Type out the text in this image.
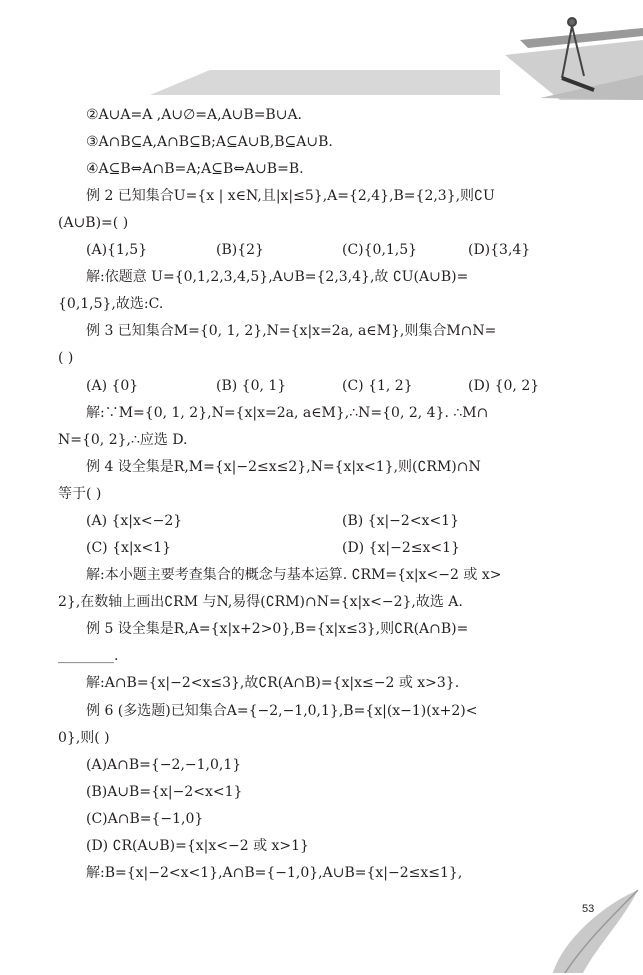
②A∪A=A ,A∪∅=A,A∪B=B∪A.
③A∩B⊆A,A∩B⊆B;A⊆A∪B,B⊆A∪B.
④A⊆B⇔A∩B=A;A⊆B⇔A∪B=B.
例 2 已知集合U={x | x∈N,且|x|≤5},A={2,4},B={2,3},则∁U
(A∪B)=( )
(A){1,5}	(B){2}	(C){0,1,5}	(D){3,4}
解:依题意 U={0,1,2,3,4,5},A∪B={2,3,4},故 ∁U(A∪B)=
{0,1,5},故选:C.
例 3 已知集合M={0, 1, 2},N={x|x=2a, a∈M},则集合M∩N=
( )
(A) {0}	(B) {0, 1}	(C) {1, 2}	(D) {0, 2}
解:∵M={0, 1, 2},N={x|x=2a, a∈M},∴N={0, 2, 4}. ∴M∩
N={0, 2},∴应选 D.
例 4 设全集是R,M={x|−2≤x≤2},N={x|x<1},则(∁RM)∩N
等于( )
(A) {x|x<−2}	(B) {x|−2<x<1}
(C) {x|x<1}	(D) {x|−2≤x<1}
解:本小题主要考查集合的概念与基本运算. ∁RM={x|x<−2 或 x>
2},在数轴上画出∁RM 与N,易得(∁RM)∩N={x|x<−2},故选 A.
例 5 设全集是R,A={x|x+2>0},B={x|x≤3},则∁R(A∩B)=
________.
解:A∩B={x|−2<x≤3},故∁R(A∩B)={x|x≤−2 或 x>3}.
例 6 (多选题)已知集合A={−2,−1,0,1},B={x|(x−1)(x+2)<
0},则( )
(A)A∩B={−2,−1,0,1}
(B)A∪B={x|−2<x<1}
(C)A∩B={−1,0}
(D) ∁R(A∪B)={x|x<−2 或 x>1}
解:B={x|−2<x<1},A∩B={−1,0},A∪B={x|−2≤x≤1},
53
